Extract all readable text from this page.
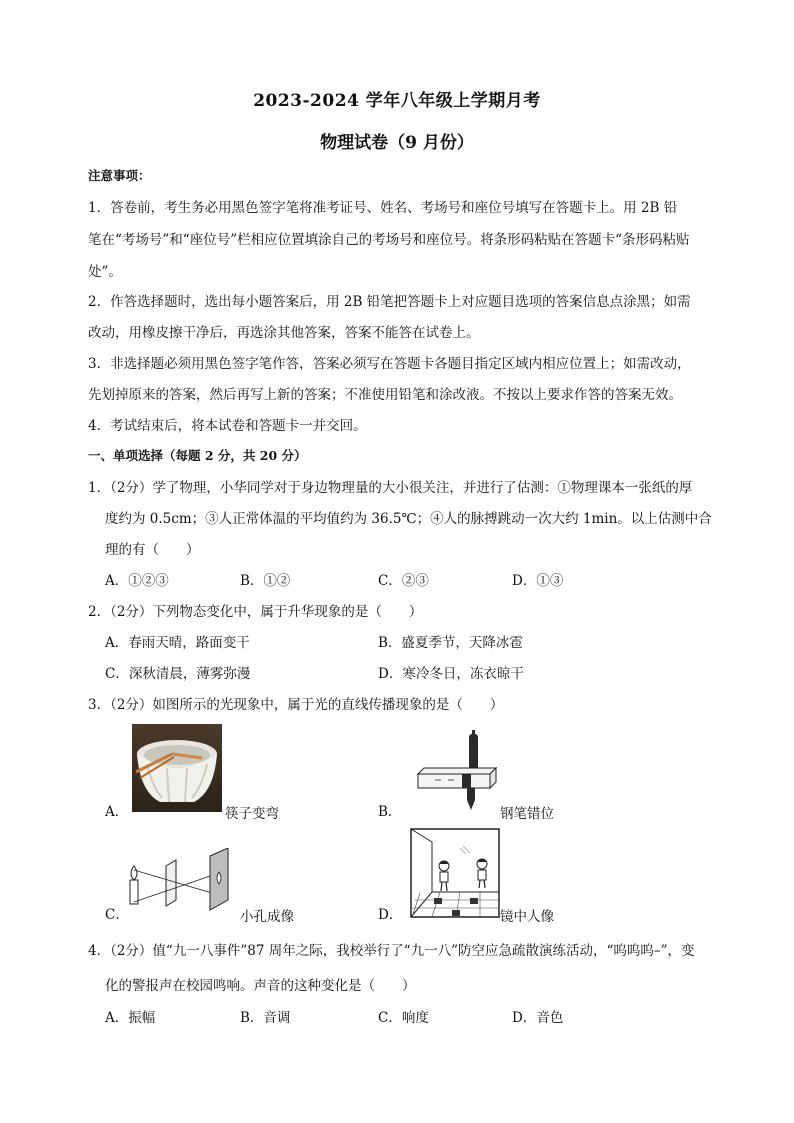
2023-2024 学年八年级上学期月考
物理试卷（9 月份）
注意事项：
1．答卷前，考生务必用黑色签字笔将准考证号、姓名、考场号和座位号填写在答题卡上。用 2B 铅
笔在“考场号”和“座位号”栏相应位置填涂自己的考场号和座位号。将条形码粘贴在答题卡“条形码粘贴
处”。
2．作答选择题时，选出每小题答案后，用 2B 铅笔把答题卡上对应题目选项的答案信息点涂黑；如需
改动，用橡皮擦干净后，再选涂其他答案，答案不能答在试卷上。
3．非选择题必须用黑色签字笔作答，答案必须写在答题卡各题目指定区域内相应位置上；如需改动，
先划掉原来的答案，然后再写上新的答案；不准使用铅笔和涂改液。不按以上要求作答的答案无效。
4．考试结束后，将本试卷和答题卡一并交回。
一、单项选择（每题 2 分，共 20 分）
1．（2分）学了物理，小华同学对于身边物理量的大小很关注，并进行了估测：①物理课本一张纸的厚
度约为 0.5cm；③人正常体温的平均值约为 36.5℃；④人的脉搏跳动一次大约 1min。以上估测中合
理的有（　　）
A．①②③	B．①②	C．②③	D．①③
2．（2分）下列物态变化中，属于升华现象的是（　　）
A．春雨天晴，路面变干	B．盛夏季节，天降冰雹
C．深秋清晨，薄雾弥漫	D．寒冷冬日，冻衣晾干
3．（2分）如图所示的光现象中，属于光的直线传播现象的是（　　）
A．	筷子变弯	B．	钢笔错位
C．	小孔成像	D．	镜中人像
4．（2分）值“九一八事件”87 周年之际，我校举行了“九一八”防空应急疏散演练活动，“呜呜呜–”，变
化的警报声在校园鸣响。声音的这种变化是（　　）
A．振幅	B．音调	C．响度	D．音色
